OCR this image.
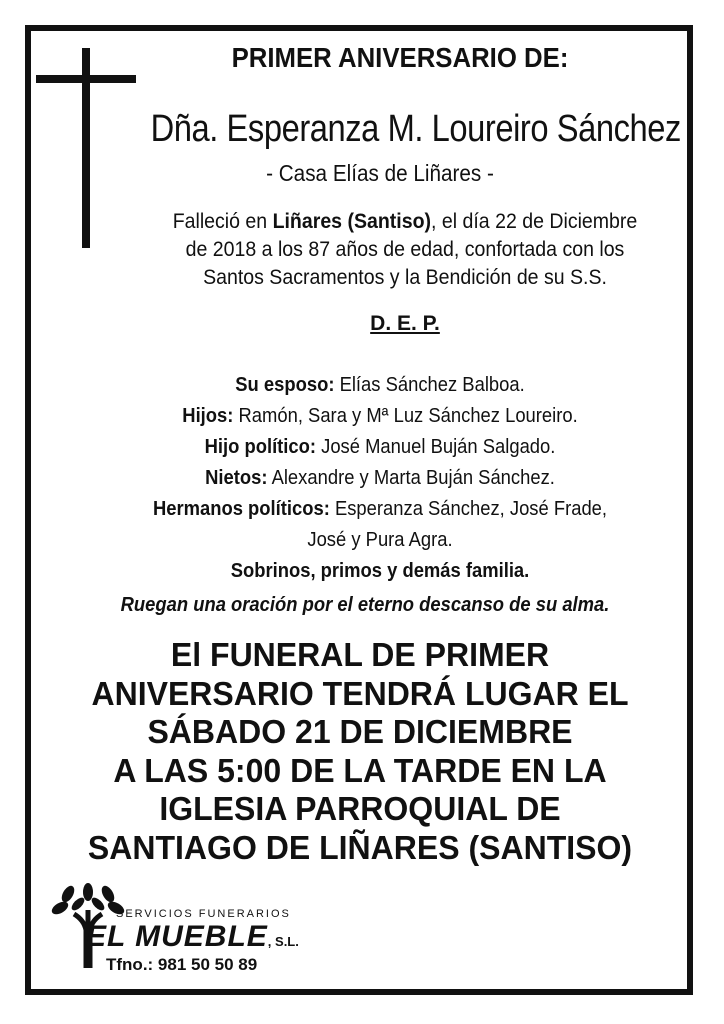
PRIMER ANIVERSARIO DE:
Dña. Esperanza M. Loureiro Sánchez
- Casa Elías de Liñares -
Falleció en Liñares (Santiso), el día 22 de Diciembre
de 2018 a los 87 años de edad, confortada con los
Santos Sacramentos y la Bendición de su S.S.
D. E. P.
Su esposo: Elías Sánchez Balboa.
Hijos: Ramón, Sara y Mª Luz Sánchez Loureiro.
Hijo político: José Manuel Buján Salgado.
Nietos: Alexandre y Marta Buján Sánchez.
Hermanos políticos: Esperanza Sánchez, José Frade,
José y Pura Agra.
Sobrinos, primos y demás familia.
Ruegan una oración por el eterno descanso de su alma.
El FUNERAL DE PRIMER
ANIVERSARIO TENDRÁ LUGAR EL
SÁBADO 21 DE DICIEMBRE
A LAS 5:00 DE LA TARDE EN LA
IGLESIA PARROQUIAL DE
SANTIAGO DE LIÑARES (SANTISO)
SERVICIOS FUNERARIOS
EL MUEBLE, S.L.
Tfno.: 981 50 50 89
